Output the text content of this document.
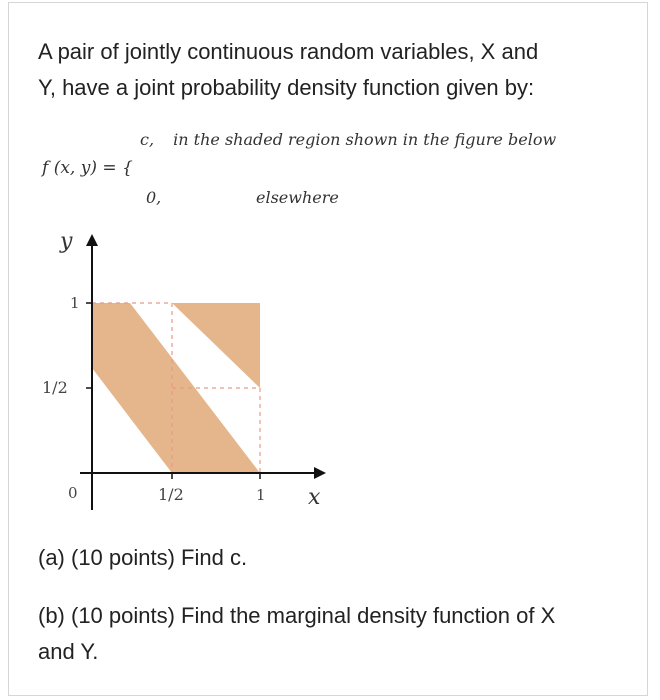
A pair of jointly continuous random variables, X and
Y, have a joint probability density function given by:

c, in the shaded region shown in the figure below
f (x, y) = {
0,	elsewhere
y
1
1/2
0	1/2	1 x

(a) (10 points) Find c.

(b) (10 points) Find the marginal density function of X
and Y.
